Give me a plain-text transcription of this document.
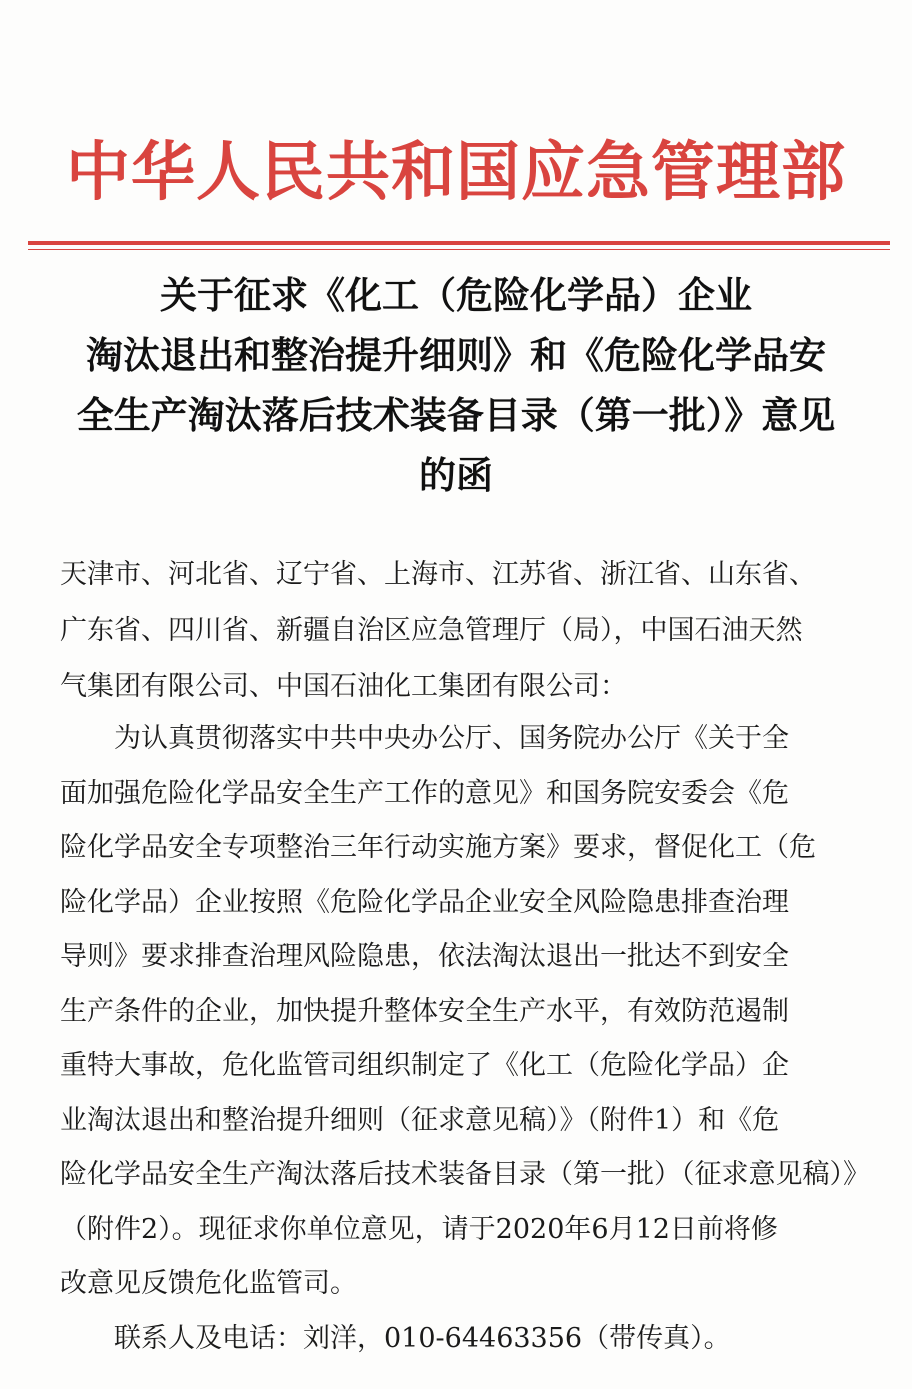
中华人民共和国应急管理部
关于征求《化工（危险化学品）企业
淘汰退出和整治提升细则》和《危险化学品安
全生产淘汰落后技术装备目录（第一批）》意见
的函
天津市、河北省、辽宁省、上海市、江苏省、浙江省、山东省、
广东省、四川省、新疆自治区应急管理厅（局），中国石油天然
气集团有限公司、中国石油化工集团有限公司：
　　为认真贯彻落实中共中央办公厅、国务院办公厅《关于全
面加强危险化学品安全生产工作的意见》和国务院安委会《危
险化学品安全专项整治三年行动实施方案》要求，督促化工（危
险化学品）企业按照《危险化学品企业安全风险隐患排查治理
导则》要求排查治理风险隐患，依法淘汰退出一批达不到安全
生产条件的企业，加快提升整体安全生产水平，有效防范遏制
重特大事故，危化监管司组织制定了《化工（危险化学品）企
业淘汰退出和整治提升细则（征求意见稿）》（附件1）和《危
险化学品安全生产淘汰落后技术装备目录（第一批）（征求意见稿）》
（附件2）。现征求你单位意见，请于2020年6月12日前将修
改意见反馈危化监管司。
联系人及电话：刘洋，010-64463356（带传真）。
